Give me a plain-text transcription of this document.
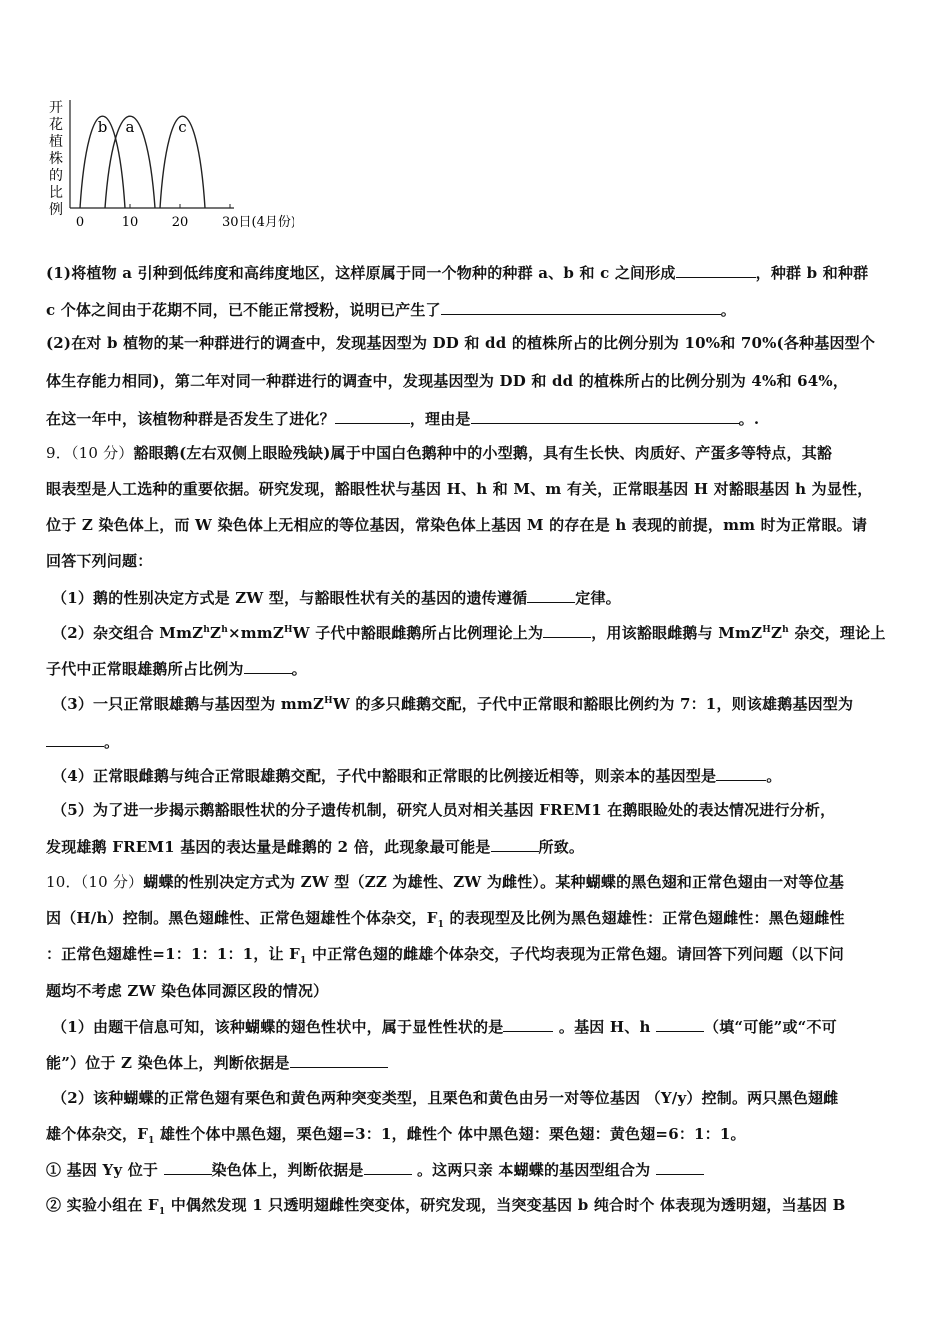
开
花
植
株
的
比
例
b a	c
0	10	20	30日(4月份)
(1)将植物 a 引种到低纬度和高纬度地区，这样原属于同一个物种的种群 a、b 和 c 之间形成	，种群 b 和种群
c 个体之间由于花期不同，已不能正常授粉，说明已产生了	。
(2)在对 b 植物的某一种群进行的调查中，发现基因型为 DD 和 dd 的植株所占的比例分别为 10%和 70%(各种基因型个
体生存能力相同)，第二年对同一种群进行的调查中，发现基因型为 DD 和 dd 的植株所占的比例分别为 4%和 64%，
在这一年中，该植物种群是否发生了进化？	，理由是	。.
9．（10 分）豁眼鹅(左右双侧上眼睑残缺)属于中国白色鹅种中的小型鹅，具有生长快、肉质好、产蛋多等特点，其豁
眼表型是人工选种的重要依据。研究发现，豁眼性状与基因 H、h 和 M、m 有关，正常眼基因 H 对豁眼基因 h 为显性，
位于 Z 染色体上，而 W 染色体上无相应的等位基因，常染色体上基因 M 的存在是 h 表现的前提，mm 时为正常眼。请
回答下列问题：
（1）鹅的性别决定方式是 ZW 型，与豁眼性状有关的基因的遗传遵循	定律。
（2）杂交组合 $MmZ^hZ^h\times mmZ^HW$ 子代中豁眼雌鹅所占比例理论上为	，用该豁眼雌鹅与 $MmZ^HZ^h$ 杂交，理论上
子代中正常眼雄鹅所占比例为	。
（3）一只正常眼雄鹅与基因型为 mmZ$^H$W 的多只雌鹅交配，子代中正常眼和豁眼比例约为 7：1，则该雄鹅基因型为
。
（4）正常眼雌鹅与纯合正常眼雄鹅交配，子代中豁眼和正常眼的比例接近相等，则亲本的基因型是	。
（5）为了进一步揭示鹅豁眼性状的分子遗传机制，研究人员对相关基因 FREM1 在鹅眼睑处的表达情况进行分析，
发现雄鹅 FREM1 基因的表达量是雌鹅的 2 倍，此现象最可能是	所致。
10．（10 分）蝴蝶的性别决定方式为 ZW 型（ZZ 为雄性、ZW 为雌性）。某种蝴蝶的黑色翅和正常色翅由一对等位基
因（H/h）控制。黑色翅雌性、正常色翅雄性个体杂交，$F_1$ 的表现型及比例为黑色翅雄性：正常色翅雌性：黑色翅雌性
：正常色翅雄性=1：1：1：1，让 $F_1$ 中正常色翅的雌雄个体杂交，子代均表现为正常色翅。请回答下列问题（以下问
题均不考虑 ZW 染色体同源区段的情况）
（1）由题干信息可知，该种蝴蝶的翅色性状中，属于显性性状的是	。基因 H、h	（填“可能”或“不可
能”）位于 Z 染色体上，判断依据是
（2）该种蝴蝶的正常色翅有栗色和黄色两种突变类型，且栗色和黄色由另一对等位基因 （Y/y）控制。两只黑色翅雌
雄个体杂交，$F_1$ 雄性个体中黑色翅，栗色翅=3：1，雌性个 体中黑色翅：栗色翅：黄色翅=6：1：1。
① 基因 Yy 位于	染色体上，判断依据是	。这两只亲 本蝴蝶的基因型组合为
② 实验小组在 $F_1$ 中偶然发现 1 只透明翅雌性突变体，研究发现，当突变基因 b 纯合时个 体表现为透明翅，当基因 B
